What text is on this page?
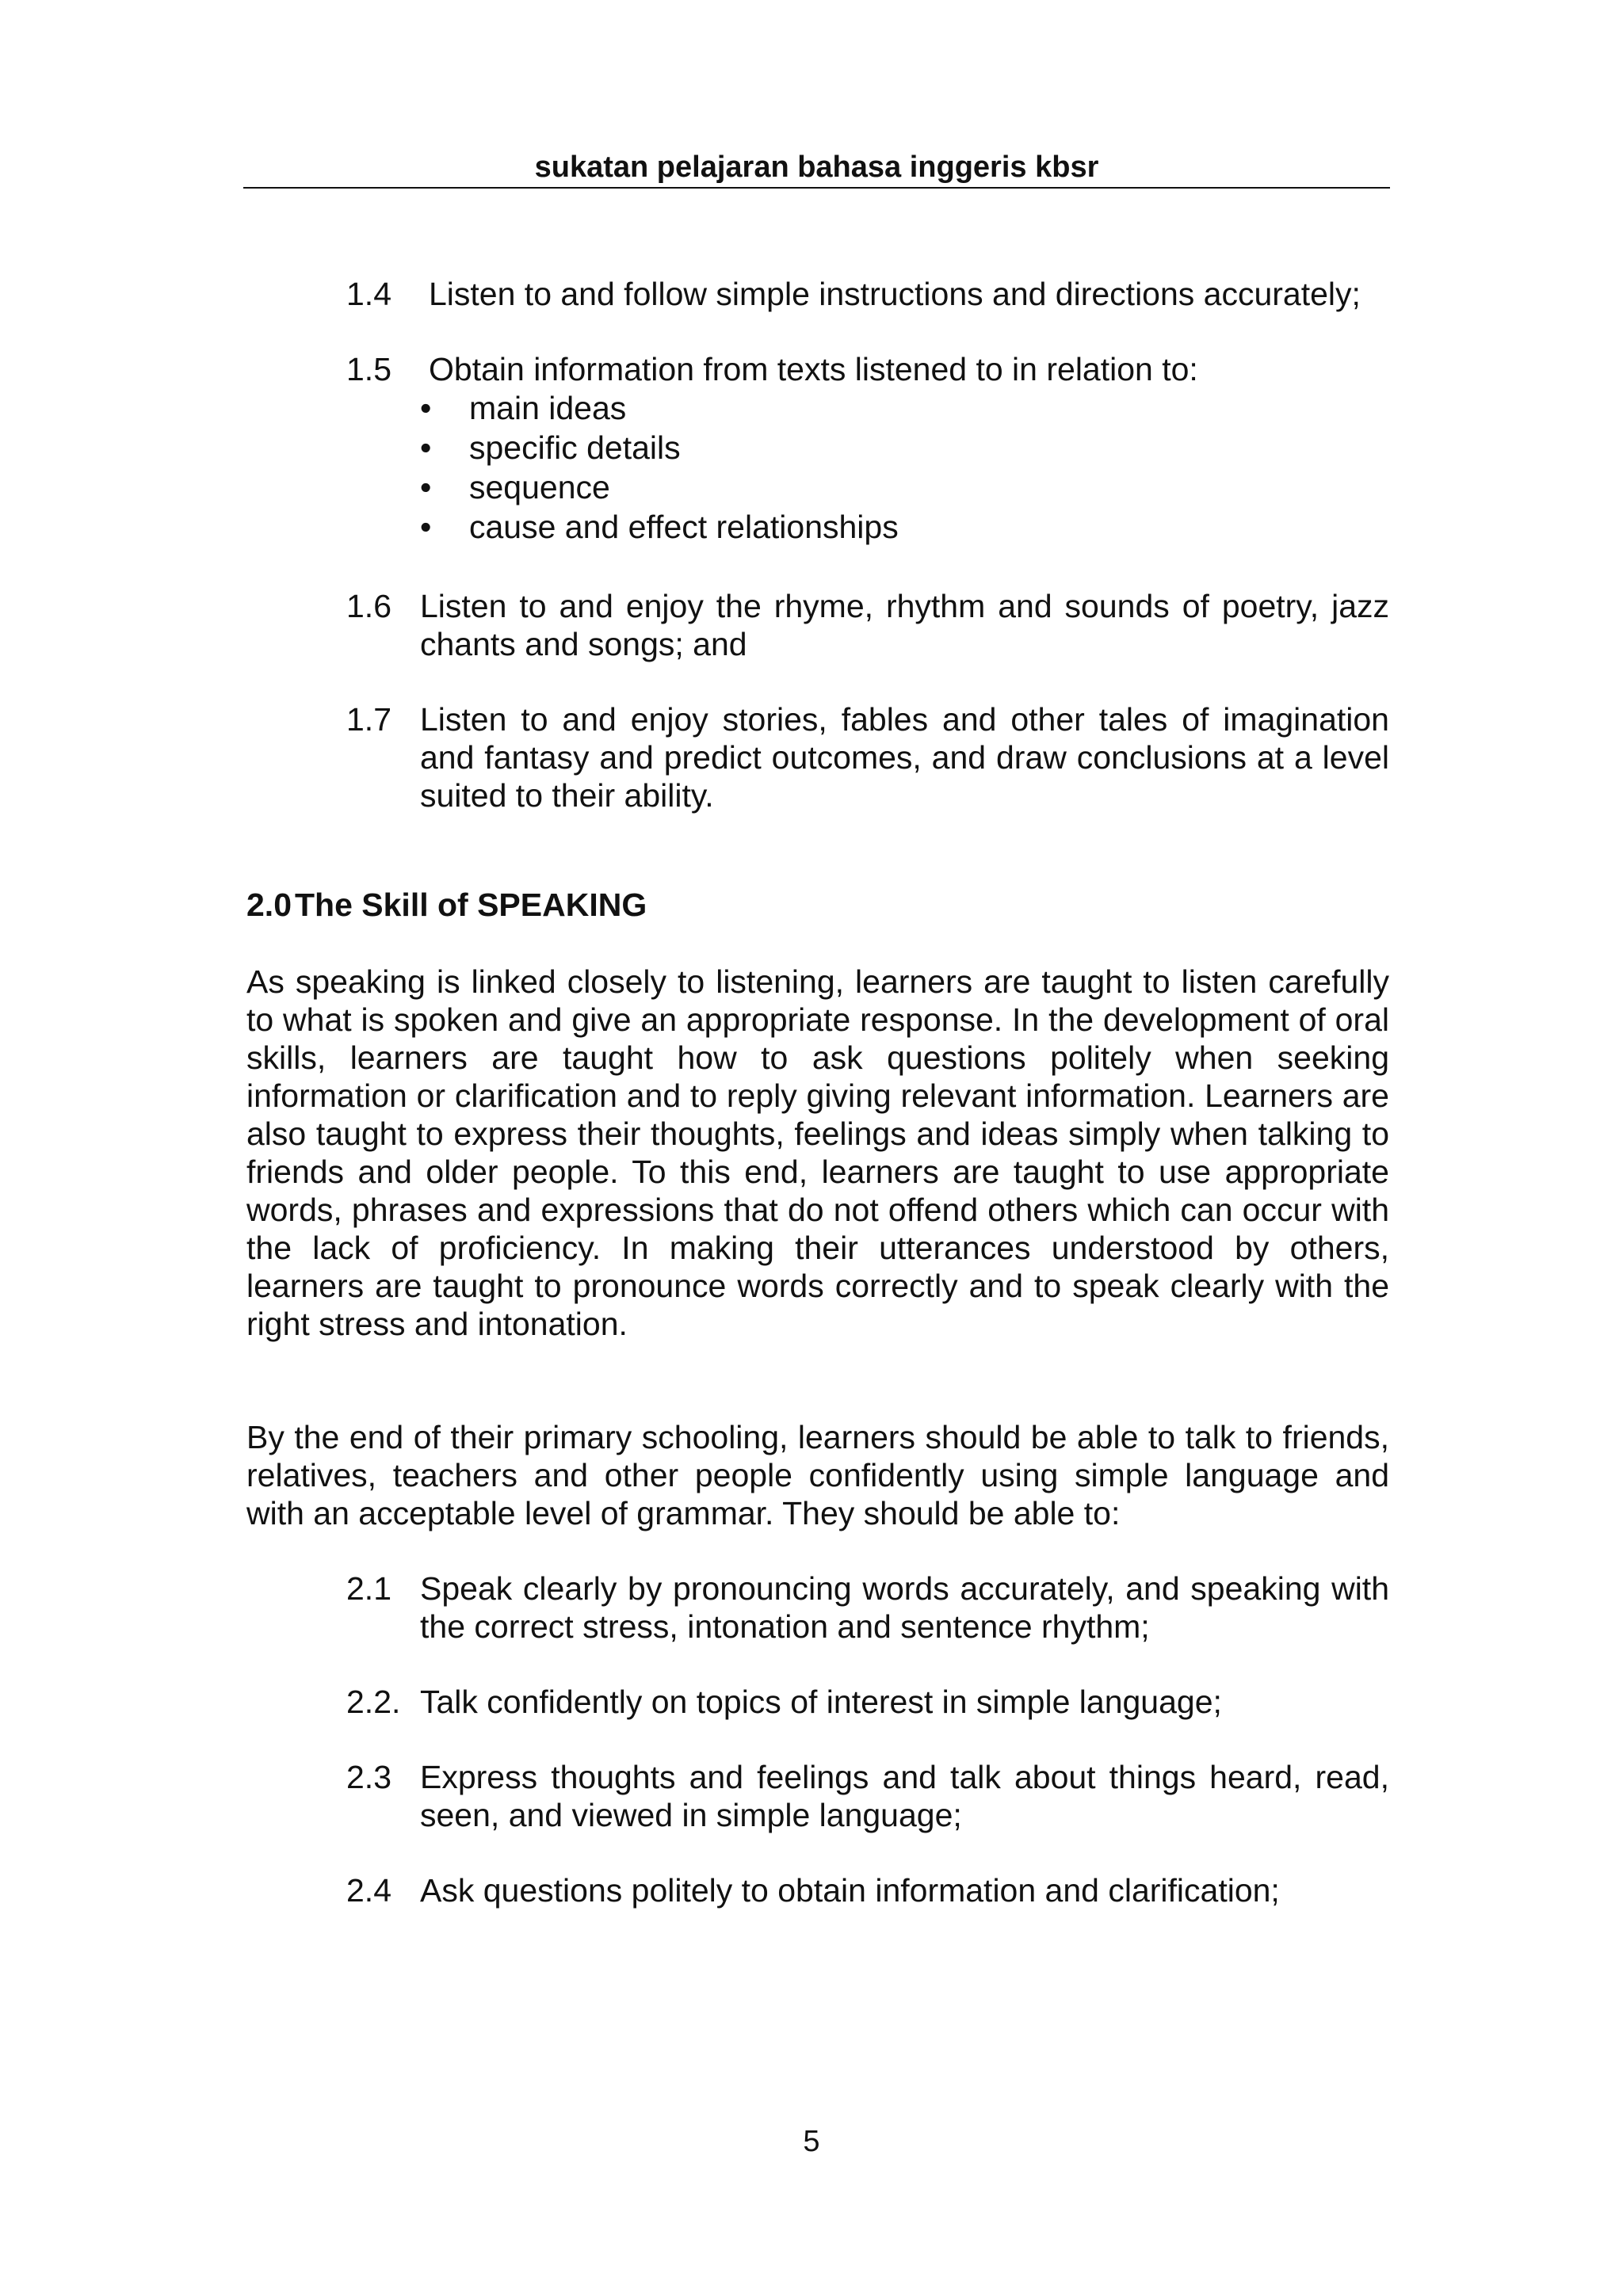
sukatan pelajaran bahasa inggeris kbsr
1.4 Listen to and follow simple instructions and directions accurately;
1.5 Obtain information from texts listened to in relation to:
• main ideas
• specific details
• sequence
• cause and effect relationships
1.6 Listen to and enjoy the rhyme, rhythm and sounds of poetry, jazz chants and songs; and
1.7 Listen to and enjoy stories, fables and other tales of imagination and fantasy and predict outcomes, and draw conclusions at a level suited to their ability.
2.0The Skill of SPEAKING

As speaking is linked closely to listening, learners are taught to listen carefully to what is spoken and give an appropriate response. In the development of oral skills, learners are taught how to ask questions politely when seeking information or clarification and to reply giving relevant information. Learners are also taught to express their thoughts, feelings and ideas simply when talking to friends and older people. To this end, learners are taught to use appropriate words, phrases and expressions that do not offend others which can occur with the lack of proficiency. In making their utterances understood by others, learners are taught to pronounce words correctly and to speak clearly with the right stress and intonation.

By the end of their primary schooling, learners should be able to talk to friends, relatives, teachers and other people confidently using simple language and with an acceptable level of grammar. They should be able to:

2.1 Speak clearly by pronouncing words accurately, and speaking with the correct stress, intonation and sentence rhythm;
2.2. Talk confidently on topics of interest in simple language;
2.3 Express thoughts and feelings and talk about things heard, read, seen, and viewed in simple language;
2.4 Ask questions politely to obtain information and clarification;
5
